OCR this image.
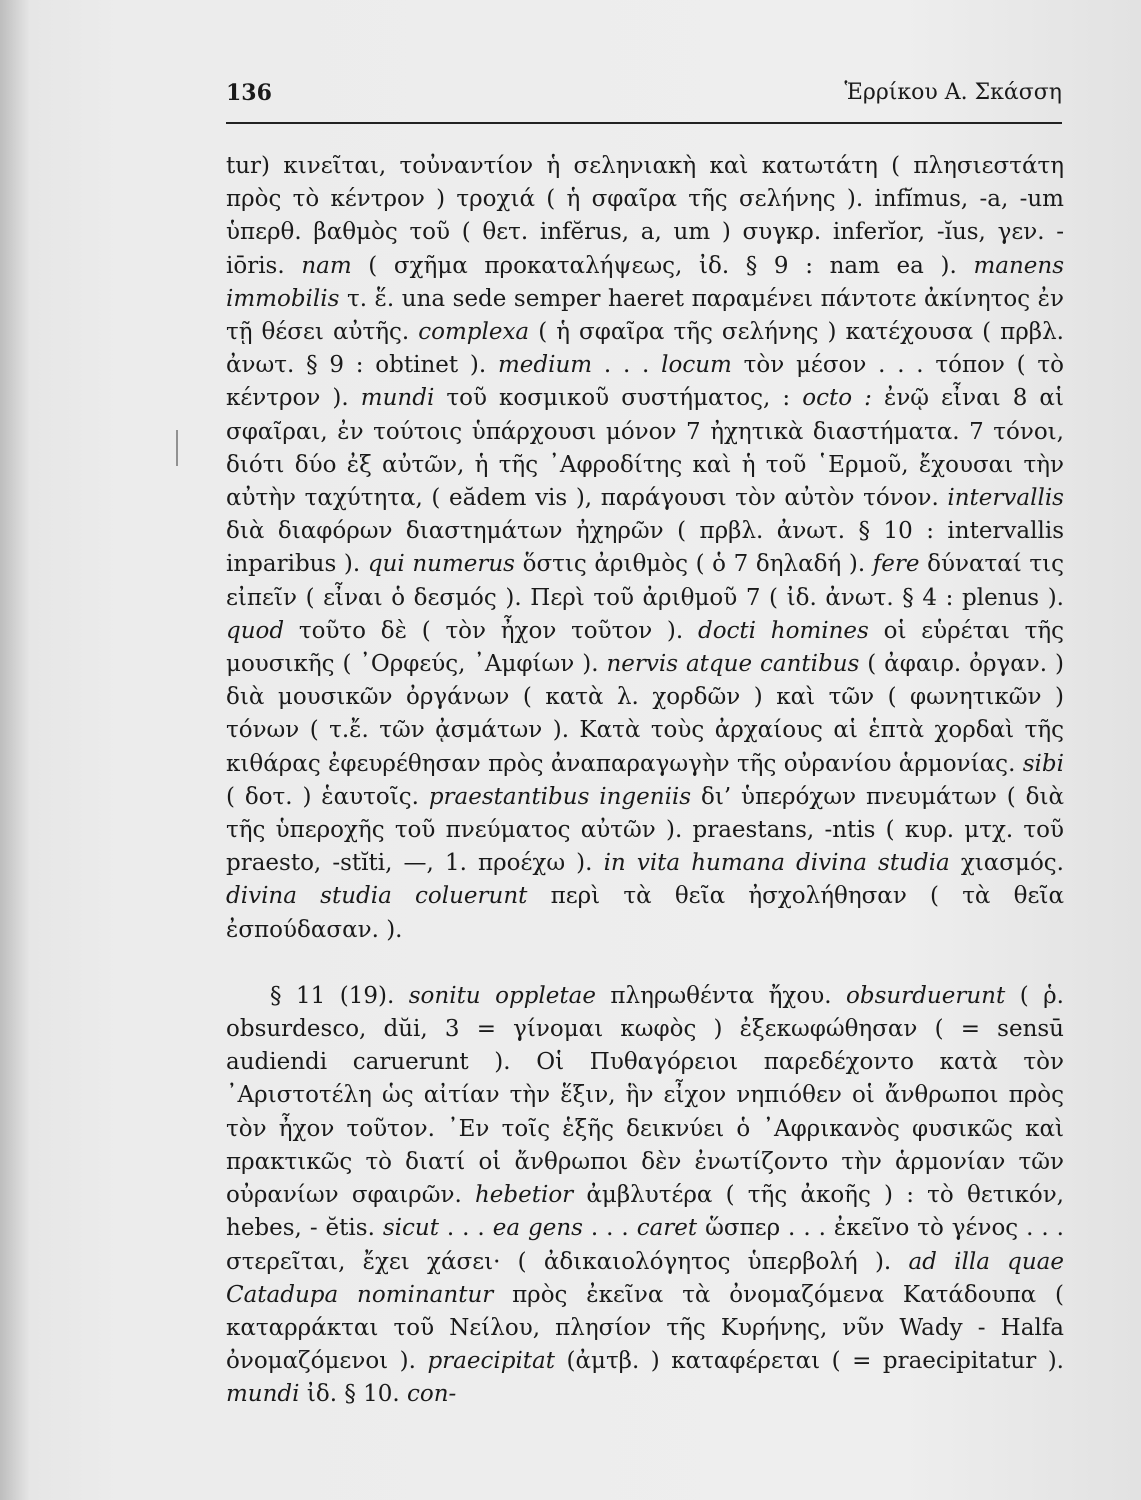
136	Ἑρρίκου Α. Σκάσση
tur) κινεῖται, τοὐναντίον ἡ σεληνιακὴ καὶ κατωτάτη ( πλησιεστάτη πρὸς τὸ κέντρον ) τροχιά ( ἡ σφαῖρα τῆς σελήνης ). infĭmus, -a, -um ὑπερθ. βαθμὸς τοῦ ( θετ. infĕrus, a, um ) συγκρ. inferĭor, -ĭus, γεν. -iōris. nam ( σχῆμα προκαταλήψεως, ἰδ. § 9 : nam ea ). manens immobilis τ. ἕ. una sede semper haeret παραμένει πάντοτε ἀκίνητος ἐν τῇ θέσει αὐτῆς. complexa ( ἡ σφαῖρα τῆς σελήνης ) κατέχουσα ( πρβλ. ἀνωτ. § 9 : obtinet ). medium . . . locum τὸν μέσον . . . τόπον ( τὸ κέντρον ). mundi τοῦ κοσμικοῦ συστήματος, : octo : ἐνῷ εἶναι 8 αἱ σφαῖραι, ἐν τούτοις ὑπάρχουσι μόνον 7 ἠχητικὰ διαστήματα. 7 τόνοι, διότι δύο ἐξ αὐτῶν, ἡ τῆς ᾿Αφροδίτης καὶ ἡ τοῦ ῾Ερμοῦ, ἔχουσαι τὴν αὐτὴν ταχύτητα, ( eădem vis ), παράγουσι τὸν αὐτὸν τόνον. intervallis διὰ διαφόρων διαστημάτων ἠχηρῶν ( πρβλ. ἀνωτ. § 10 : intervallis inparibus ). qui numerus ὅστις ἀριθμὸς ( ὁ 7 δηλαδή ). fere δύναταί τις εἰπεῖν ( εἶναι ὁ δεσμός ). Περὶ τοῦ ἀριθμοῦ 7 ( ἰδ. ἀνωτ. § 4 : plenus ). quod τοῦτο δὲ ( τὸν ἦχον τοῦτον ). docti homines οἱ εὑρέται τῆς μουσικῆς ( ᾿Ορφεύς, ᾿Αμφίων ). nervis atque cantibus ( ἀφαιρ. ὀργαν. ) διὰ μουσικῶν ὀργάνων ( κατὰ λ. χορδῶν ) καὶ τῶν ( φωνητικῶν ) τόνων ( τ.ἔ. τῶν ᾀσμάτων ). Κατὰ τοὺς ἀρχαίους αἱ ἑπτὰ χορδαὶ τῆς κιθάρας ἐφευρέθησαν πρὸς ἀναπαραγωγὴν τῆς οὐρανίου ἁρμονίας. sibi ( δοτ. ) ἑαυτοῖς. praestantibus ingeniis δι’ ὑπερόχων πνευμάτων ( διὰ τῆς ὑπεροχῆς τοῦ πνεύματος αὐτῶν ). praestans, -ntis ( κυρ. μτχ. τοῦ praesto, -stĭti, —, 1. προέχω ). in vita humana divina studia χιασμός. divina studia coluerunt περὶ τὰ θεῖα ἠσχολήθησαν ( τὰ θεῖα ἐσπούδασαν. ).
§ 11 (19). sonitu oppletae πληρωθέντα ἤχου. obsurduerunt ( ῥ. obsurdesco, dŭi, 3 = γίνομαι κωφὸς ) ἐξεκωφώθησαν ( = sensū audiendi caruerunt ). Οἱ Πυθαγόρειοι παρεδέχοντο κατὰ τὸν ᾿Αριστοτέλη ὡς αἰτίαν τὴν ἕξιν, ἣν εἶχον νηπιόθεν οἱ ἄνθρωποι πρὸς τὸν ἦχον τοῦτον. ᾿Εν τοῖς ἑξῆς δεικνύει ὁ ᾿Αφρικανὸς φυσικῶς καὶ πρακτικῶς τὸ διατί οἱ ἄνθρωποι δὲν ἐνωτίζοντο τὴν ἁρμονίαν τῶν οὐρανίων σφαιρῶν. hebetior ἀμβλυτέρα ( τῆς ἀκοῆς ) : τὸ θετικόν, hebes, - ĕtis. sicut . . . ea gens . . . caret ὥσπερ . . . ἐκεῖνο τὸ γένος . . . στερεῖται, ἔχει χάσει· ( ἀδικαιολόγητος ὑπερβολή ). ad illa quae Catadupa nominantur πρὸς ἐκεῖνα τὰ ὀνομαζόμενα Κατάδουπα ( καταρράκται τοῦ Νείλου, πλησίον τῆς Κυρήνης, νῦν Wady - Halfa ὀνομαζόμενοι ). praecipitat (ἀμτβ. ) καταφέρεται ( = praecipitatur ). mundi ἰδ. § 10. con-
